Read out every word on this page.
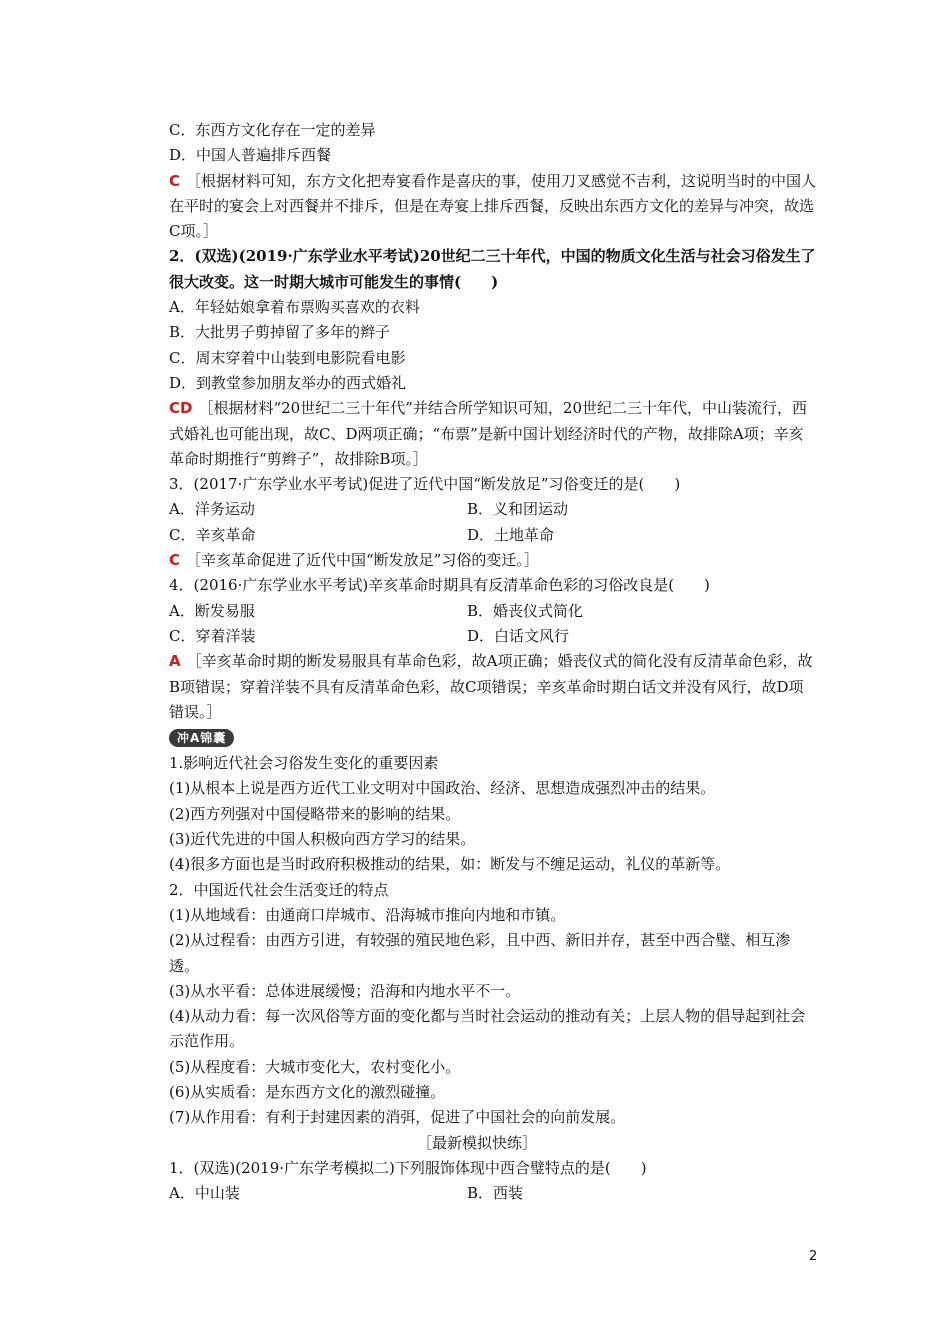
C．东西方文化存在一定的差异
D．中国人普遍排斥西餐
C ［根据材料可知，东方文化把寿宴看作是喜庆的事，使用刀叉感觉不吉利，这说明当时的中国人在平时的宴会上对西餐并不排斥，但是在寿宴上排斥西餐，反映出东西方文化的差异与冲突，故选C项。］
2．(双选)(2019·广东学业水平考试)20世纪二三十年代，中国的物质文化生活与社会习俗发生了很大改变。这一时期大城市可能发生的事情(　　)
A．年轻姑娘拿着布票购买喜欢的衣料
B．大批男子剪掉留了多年的辫子
C．周末穿着中山装到电影院看电影
D．到教堂参加朋友举办的西式婚礼
CD ［根据材料“20世纪二三十年代”并结合所学知识可知，20世纪二三十年代，中山装流行，西式婚礼也可能出现，故C、D两项正确；“布票”是新中国计划经济时代的产物，故排除A项；辛亥革命时期推行“剪辫子”，故排除B项。］
3．(2017·广东学业水平考试)促进了近代中国“断发放足”习俗变迁的是(　　)
A．洋务运动	B．义和团运动
C．辛亥革命	D．土地革命
C ［辛亥革命促进了近代中国“断发放足”习俗的变迁。］
4．(2016·广东学业水平考试)辛亥革命时期具有反清革命色彩的习俗改良是(　　)
A．断发易服	B．婚丧仪式简化
C．穿着洋装	D．白话文风行
A ［辛亥革命时期的断发易服具有革命色彩，故A项正确；婚丧仪式的简化没有反清革命色彩，故B项错误；穿着洋装不具有反清革命色彩，故C项错误；辛亥革命时期白话文并没有风行，故D项错误。］
冲A锦囊
1.影响近代社会习俗发生变化的重要因素
(1)从根本上说是西方近代工业文明对中国政治、经济、思想造成强烈冲击的结果。
(2)西方列强对中国侵略带来的影响的结果。
(3)近代先进的中国人积极向西方学习的结果。
(4)很多方面也是当时政府积极推动的结果，如：断发与不缠足运动，礼仪的革新等。
2．中国近代社会生活变迁的特点
(1)从地域看：由通商口岸城市、沿海城市推向内地和市镇。
(2)从过程看：由西方引进，有较强的殖民地色彩，且中西、新旧并存，甚至中西合璧、相互渗透。
(3)从水平看：总体进展缓慢；沿海和内地水平不一。
(4)从动力看：每一次风俗等方面的变化都与当时社会运动的推动有关；上层人物的倡导起到社会示范作用。
(5)从程度看：大城市变化大，农村变化小。
(6)从实质看：是东西方文化的激烈碰撞。
(7)从作用看：有利于封建因素的消弭，促进了中国社会的向前发展。
［最新模拟快练］
1．(双选)(2019·广东学考模拟二)下列服饰体现中西合璧特点的是(　　)
A．中山装	B．西装
2
